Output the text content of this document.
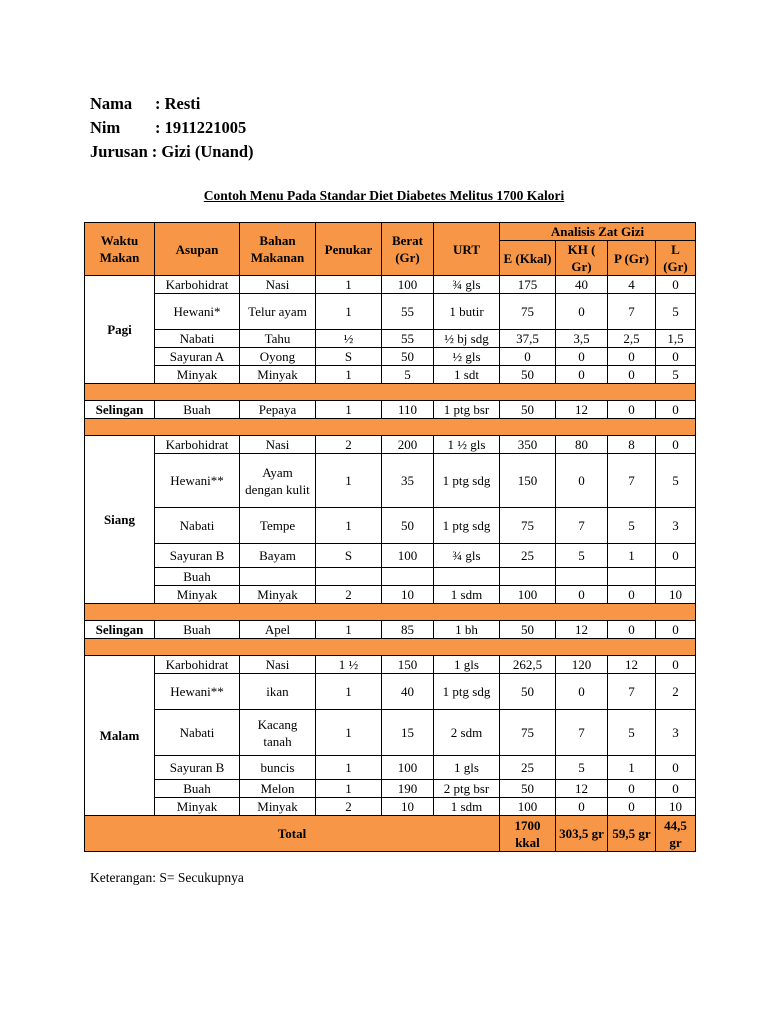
Nama	: Resti
Nim	: 1911221005
Jurusan : Gizi (Unand)
Contoh Menu Pada Standar Diet Diabetes Melitus 1700 Kalori
Waktu Makan	Asupan	Bahan Makanan	Penukar	Berat (Gr)	URT	Analisis Zat Gizi			
						E (Kkal)	KH ( Gr)	P (Gr)	L (Gr)
Pagi	Karbohidrat	Nasi	1	100	¾ gls	175	40	4	0
	Hewani*	Telur ayam	1	55	1 butir	75	0	7	5
	Nabati	Tahu	½	55	½ bj sdg	37,5	3,5	2,5	1,5
	Sayuran A	Oyong	S	50	½ gls	0	0	0	0
	Minyak	Minyak	1	5	1 sdt	50	0	0	5

Selingan	Buah	Pepaya	1	110	1 ptg bsr	50	12	0	0

Siang	Karbohidrat	Nasi	2	200	1 ½ gls	350	80	8	0
	Hewani**	Ayam dengan kulit	1	35	1 ptg sdg	150	0	7	5
	Nabati	Tempe	1	50	1 ptg sdg	75	7	5	3
	Sayuran B	Bayam	S	100	¾ gls	25	5	1	0
	Buah								
	Minyak	Minyak	2	10	1 sdm	100	0	0	10

Selingan	Buah	Apel	1	85	1 bh	50	12	0	0

Malam	Karbohidrat	Nasi	1 ½	150	1 gls	262,5	120	12	0
	Hewani**	ikan	1	40	1 ptg sdg	50	0	7	2
	Nabati	Kacang tanah	1	15	2 sdm	75	7	5	3
	Sayuran B	buncis	1	100	1 gls	25	5	1	0
	Buah	Melon	1	190	2 ptg bsr	50	12	0	0
	Minyak	Minyak	2	10	1 sdm	100	0	0	10
Total						1700 kkal	303,5 gr	59,5 gr	44,5 gr
Keterangan: S= Secukupnya
